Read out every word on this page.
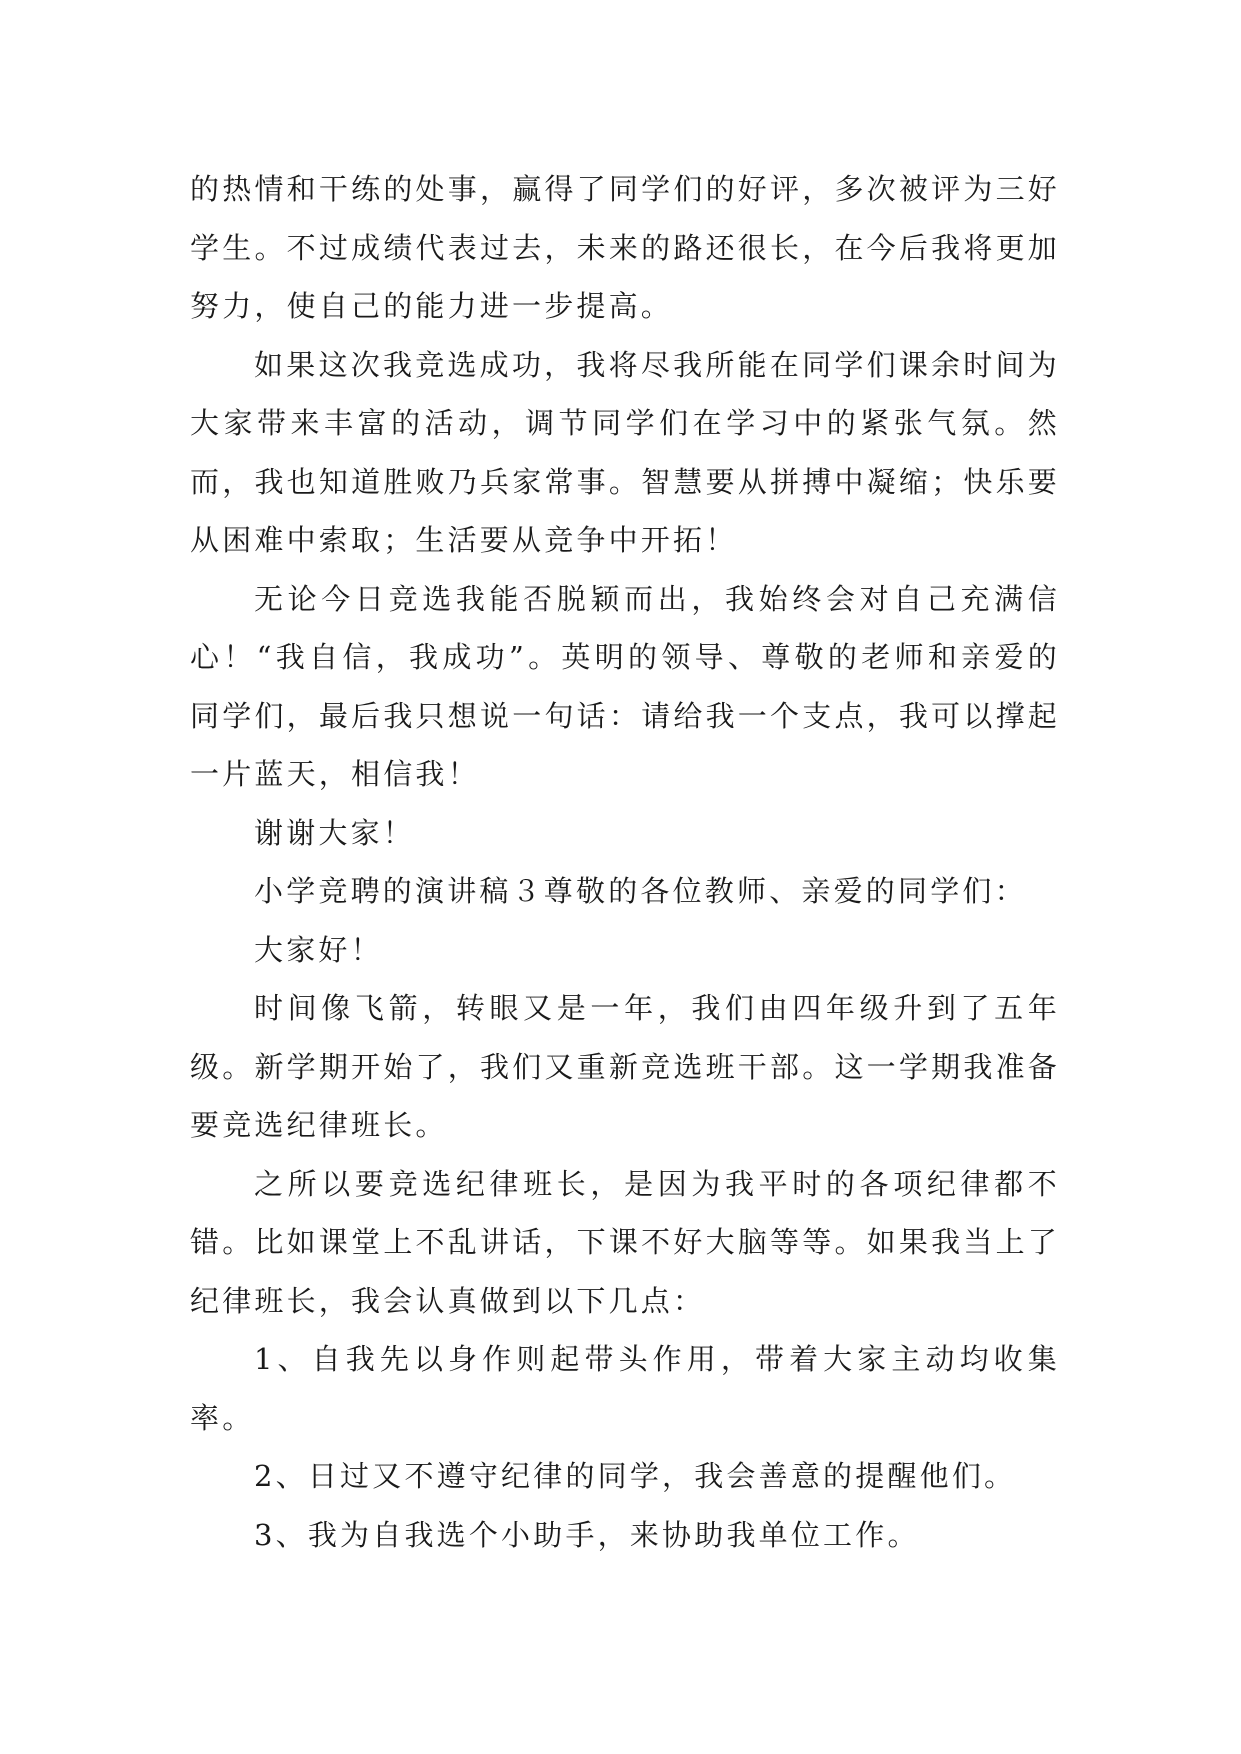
的热情和干练的处事，赢得了同学们的好评，多次被评为三好学生。不过成绩代表过去，未来的路还很长，在今后我将更加努力，使自己的能力进一步提高。

如果这次我竞选成功，我将尽我所能在同学们课余时间为大家带来丰富的活动，调节同学们在学习中的紧张气氛。然而，我也知道胜败乃兵家常事。智慧要从拼搏中凝缩；快乐要从困难中索取；生活要从竞争中开拓！

无论今日竞选我能否脱颖而出，我始终会对自己充满信心！“我自信，我成功”。英明的领导、尊敬的老师和亲爱的同学们，最后我只想说一句话：请给我一个支点，我可以撑起一片蓝天，相信我！

谢谢大家！

小学竞聘的演讲稿３尊敬的各位教师、亲爱的同学们：

大家好！

时间像飞箭，转眼又是一年，我们由四年级升到了五年级。新学期开始了，我们又重新竞选班干部。这一学期我准备要竞选纪律班长。

之所以要竞选纪律班长，是因为我平时的各项纪律都不错。比如课堂上不乱讲话，下课不好大脑等等。如果我当上了纪律班长，我会认真做到以下几点：

1、自我先以身作则起带头作用，带着大家主动均收集率。

2、日过又不遵守纪律的同学，我会善意的提醒他们。

3、我为自我选个小助手，来协助我单位工作。
